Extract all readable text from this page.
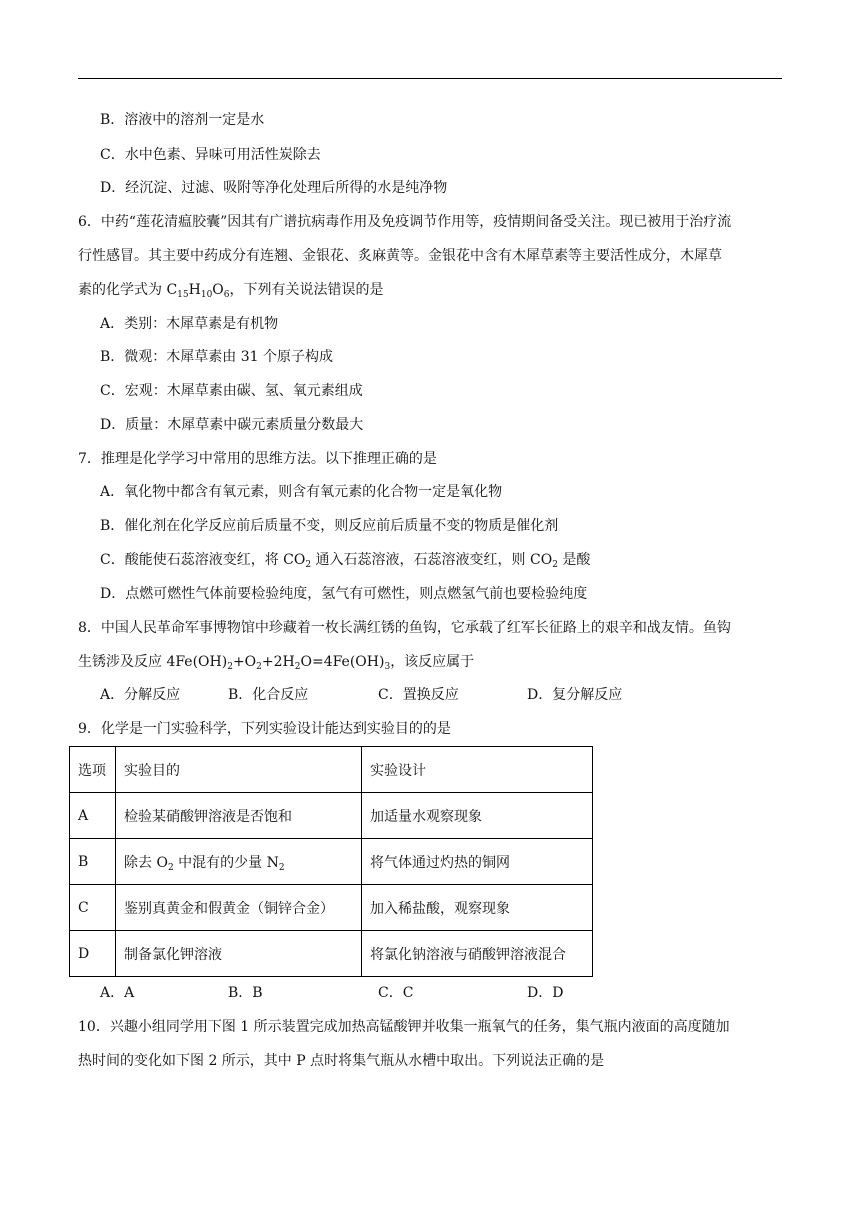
B．溶液中的溶剂一定是水
C．水中色素、异味可用活性炭除去
D．经沉淀、过滤、吸附等净化处理后所得的水是纯净物
6．中药“莲花清瘟胶囊”因其有广谱抗病毒作用及免疫调节作用等，疫情期间备受关注。现已被用于治疗流
行性感冒。其主要中药成分有连翘、金银花、炙麻黄等。金银花中含有木犀草素等主要活性成分，木犀草
素的化学式为 $C_{15}H_{10}O_6$，下列有关说法错误的是
A．类别：木犀草素是有机物
B．微观：木犀草素由 31 个原子构成
C．宏观：木犀草素由碳、氢、氧元素组成
D．质量：木犀草素中碳元素质量分数最大
7．推理是化学学习中常用的思维方法。以下推理正确的是
A．氧化物中都含有氧元素，则含有氧元素的化合物一定是氧化物
B．催化剂在化学反应前后质量不变，则反应前后质量不变的物质是催化剂
C．酸能使石蕊溶液变红，将 $CO_2$ 通入石蕊溶液，石蕊溶液变红，则 $CO_2$ 是酸
D．点燃可燃性气体前要检验纯度，氢气有可燃性，则点燃氢气前也要检验纯度
8．中国人民革命军事博物馆中珍藏着一枚长满红锈的鱼钩，它承载了红军长征路上的艰辛和战友情。鱼钩
生锈涉及反应 $4Fe(OH)_2+O_2+2H_2O=4Fe(OH)_3$，该反应属于
A．分解反应	B．化合反应	C．置换反应	D．复分解反应
9．化学是一门实验科学，下列实验设计能达到实验目的的是
选项	实验目的	实验设计
A	检验某硝酸钾溶液是否饱和	加适量水观察现象
B	除去 $O_2$ 中混有的少量 $N_2$	将气体通过灼热的铜网
C	鉴别真黄金和假黄金（铜锌合金）	加入稀盐酸，观察现象
D	制备氯化钾溶液	将氯化钠溶液与硝酸钾溶液混合
A．A	B．B	C．C	D．D
10．兴趣小组同学用下图 1 所示装置完成加热高锰酸钾并收集一瓶氧气的任务，集气瓶内液面的高度随加
热时间的变化如下图 2 所示，其中 P 点时将集气瓶从水槽中取出。下列说法正确的是
